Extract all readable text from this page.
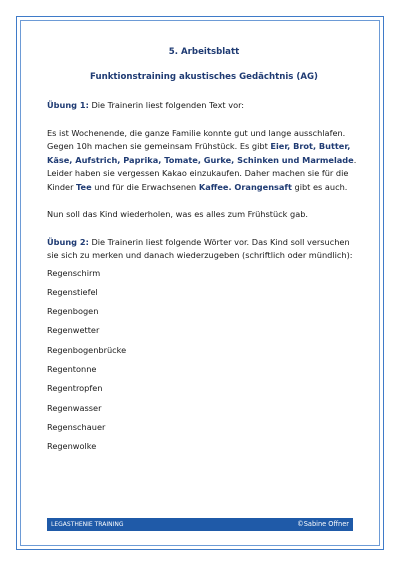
5. Arbeitsblatt
Funktionstraining akustisches Gedächtnis (AG)

Übung 1: Die Trainerin liest folgenden Text vor:

Es ist Wochenende, die ganze Familie konnte gut und lange ausschlafen. Gegen 10h machen sie gemeinsam Frühstück. Es gibt Eier, Brot, Butter, Käse, Aufstrich, Paprika, Tomate, Gurke, Schinken und Marmelade. Leider haben sie vergessen Kakao einzukaufen. Daher machen sie für die Kinder Tee und für die Erwachsenen Kaffee. Orangensaft gibt es auch.

Nun soll das Kind wiederholen, was es alles zum Frühstück gab.

Übung 2: Die Trainerin liest folgende Wörter vor. Das Kind soll versuchen sie sich zu merken und danach wiederzugeben (schriftlich oder mündlich):

Regenschirm
Regenstiefel
Regenbogen
Regenwetter
Regenbogenbrücke
Regentonne
Regentropfen
Regenwasser
Regenschauer
Regenwolke
LEGASTHENIE TRAINING	©Sabine Offner
